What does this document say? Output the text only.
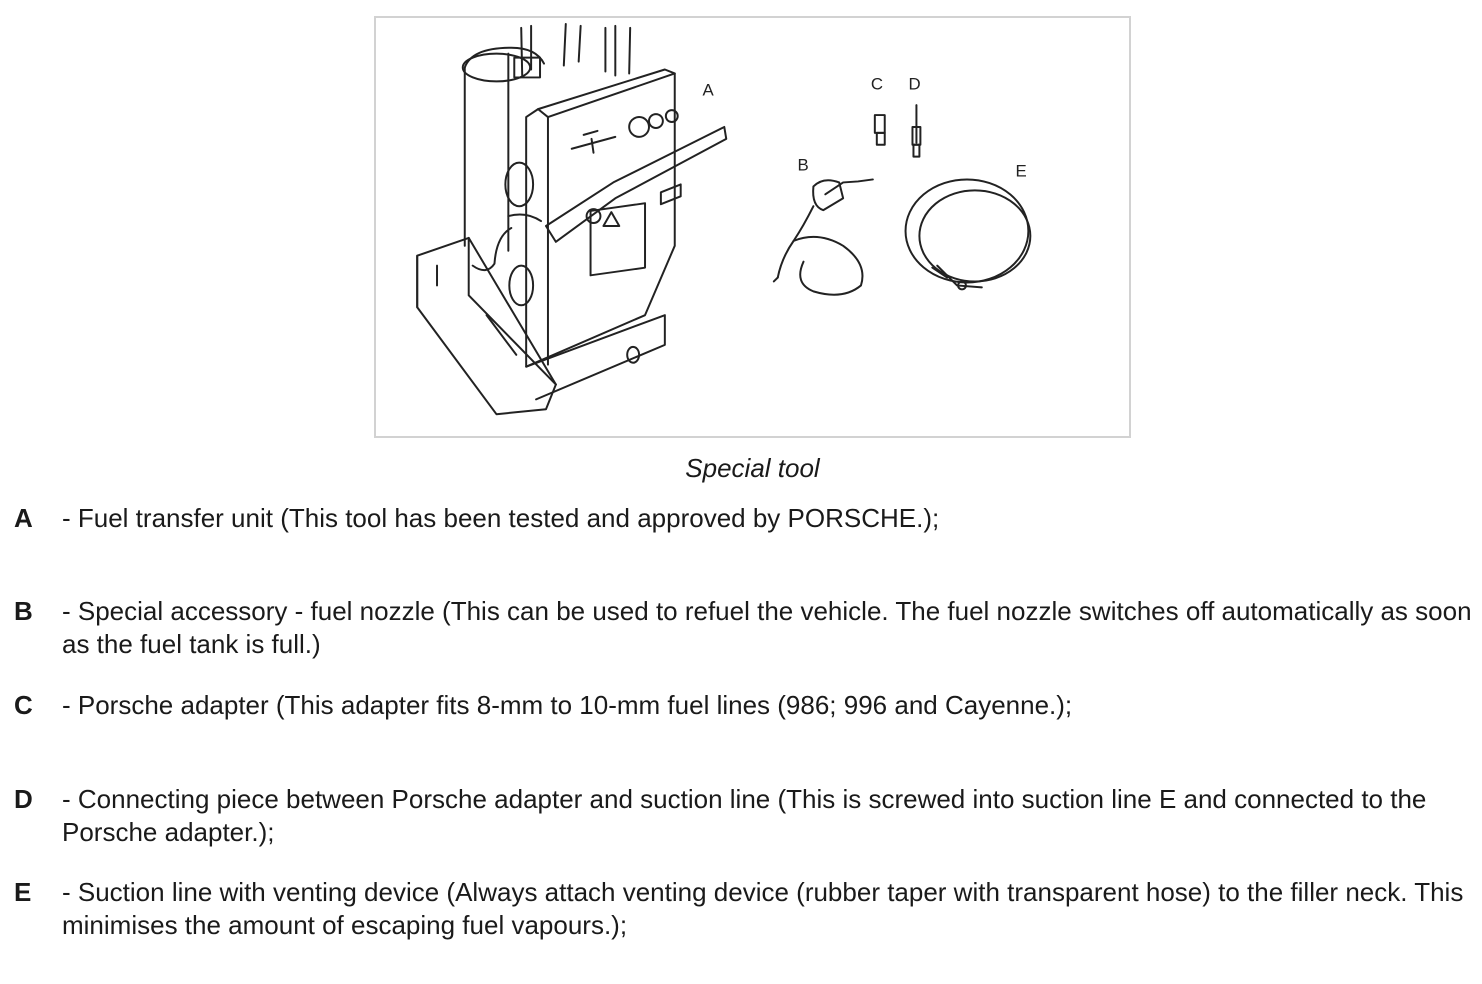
A
B
C D
E
Special tool
A	- Fuel transfer unit (This tool has been tested and approved by PORSCHE.);
B	- Special accessory - fuel nozzle (This can be used to refuel the vehicle. The fuel nozzle switches off automatically as soon as the fuel tank is full.)
C	- Porsche adapter (This adapter fits 8-mm to 10-mm fuel lines (986; 996 and Cayenne.);
D	- Connecting piece between Porsche adapter and suction line (This is screwed into suction line E and connected to the Porsche adapter.);
E	- Suction line with venting device (Always attach venting device (rubber taper with transparent hose) to the filler neck. This minimises the amount of escaping fuel vapours.);
